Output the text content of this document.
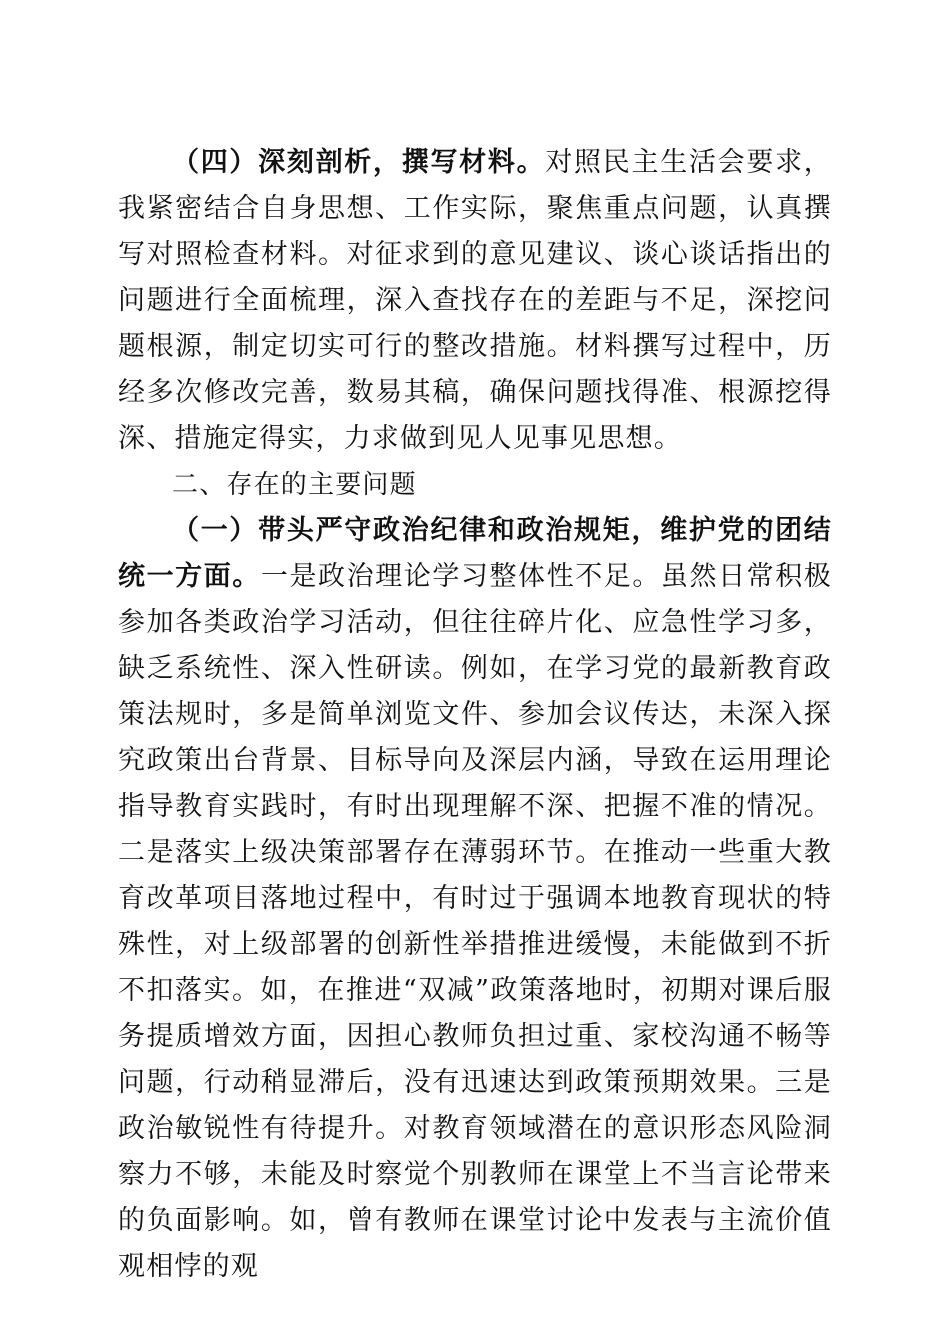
（四）深刻剖析，撰写材料。对照民主生活会要求，我紧密结合自身思想、工作实际，聚焦重点问题，认真撰写对照检查材料。对征求到的意见建议、谈心谈话指出的问题进行全面梳理，深入查找存在的差距与不足，深挖问题根源，制定切实可行的整改措施。材料撰写过程中，历经多次修改完善，数易其稿，确保问题找得准、根源挖得深、措施定得实，力求做到见人见事见思想。

二、存在的主要问题

（一）带头严守政治纪律和政治规矩，维护党的团结统一方面。一是政治理论学习整体性不足。虽然日常积极参加各类政治学习活动，但往往碎片化、应急性学习多，缺乏系统性、深入性研读。例如，在学习党的最新教育政策法规时，多是简单浏览文件、参加会议传达，未深入探究政策出台背景、目标导向及深层内涵，导致在运用理论指导教育实践时，有时出现理解不深、把握不准的情况。二是落实上级决策部署存在薄弱环节。在推动一些重大教育改革项目落地过程中，有时过于强调本地教育现状的特殊性，对上级部署的创新性举措推进缓慢，未能做到不折不扣落实。如，在推进“双减”政策落地时，初期对课后服务提质增效方面，因担心教师负担过重、家校沟通不畅等问题，行动稍显滞后，没有迅速达到政策预期效果。三是政治敏锐性有待提升。对教育领域潜在的意识形态风险洞察力不够，未能及时察觉个别教师在课堂上不当言论带来的负面影响。如，曾有教师在课堂讨论中发表与主流价值观相悖的观
